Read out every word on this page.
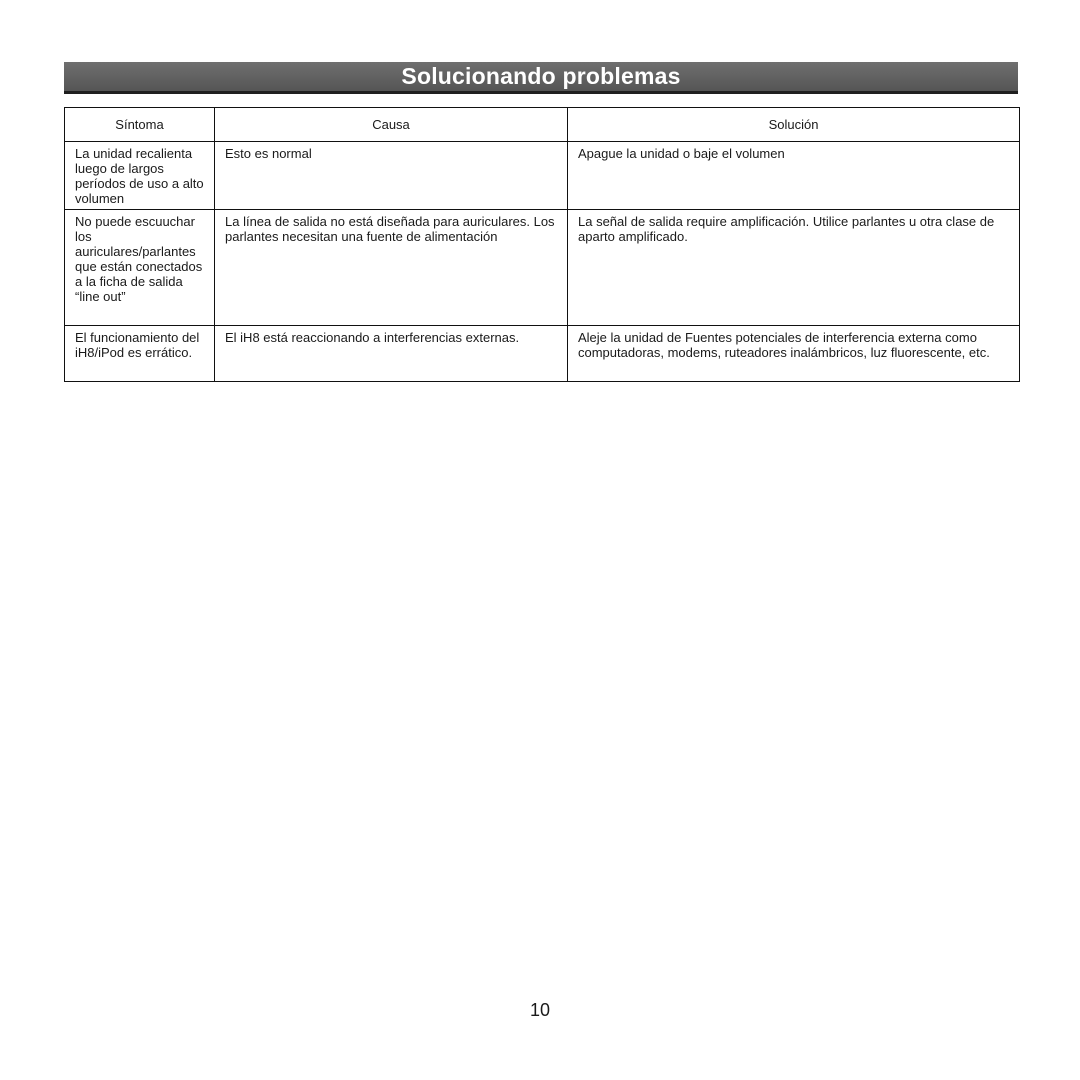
Solucionando problemas
Síntoma	Causa	Solución
La unidad recalienta luego de largos períodos de uso a alto volumen	Esto es normal	Apague la unidad o baje el volumen
No puede escuuchar los auriculares/parlantes que están conectados a la ficha de salida “line out”	La línea de salida no está diseñada para auriculares. Los parlantes necesitan una fuente de alimentación	La señal de salida require amplificación. Utilice parlantes u otra clase de aparto amplificado.
El funcionamiento del iH8/iPod es errático.	El iH8 está reaccionando a interferencias externas.	Aleje la unidad de Fuentes potenciales de interferencia externa como computadoras, modems, ruteadores inalámbricos, luz fluorescente, etc.
10
